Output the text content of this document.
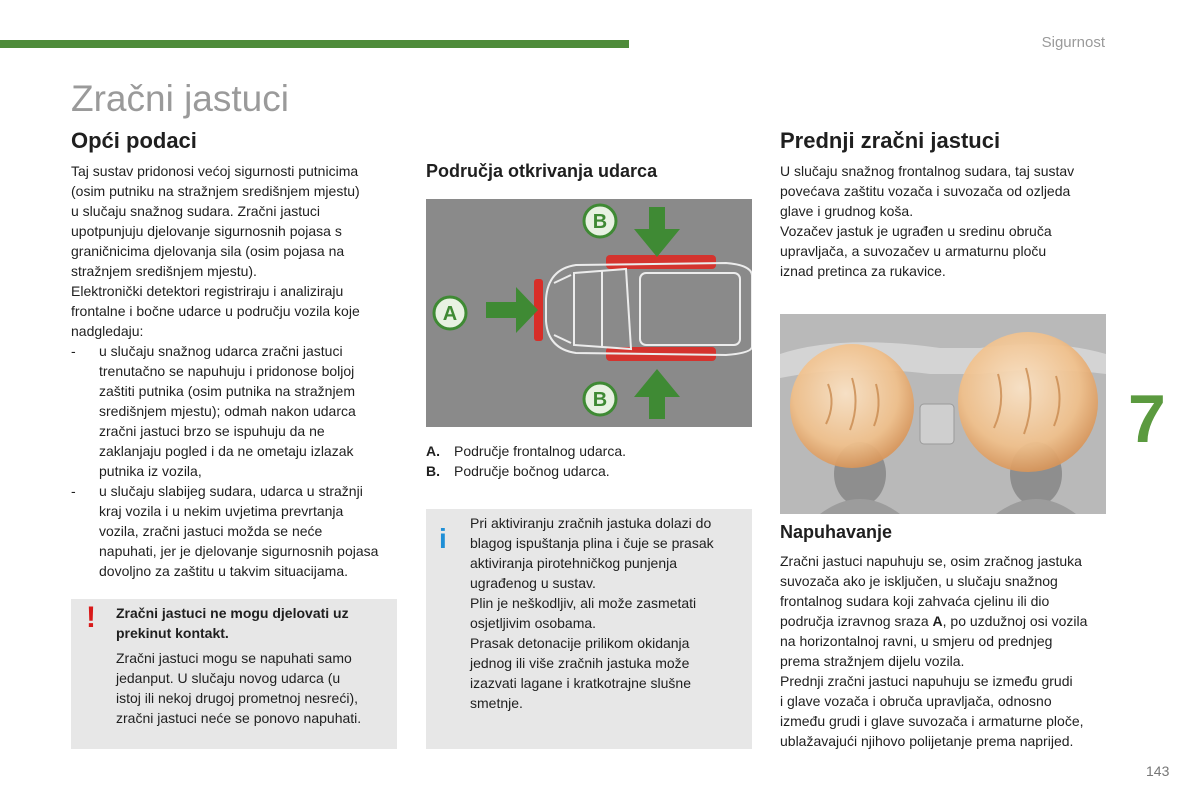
Sigurnost
Zračni jastuci
Opći podaci

Taj sustav pridonosi većoj sigurnosti putnicima

(osim putniku na stražnjem središnjem mjestu)

u slučaju snažnog sudara. Zračni jastuci

upotpunjuju djelovanje sigurnosnih pojasa s

graničnicima djelovanja sila (osim pojasa na

stražnjem središnjem mjestu).

Elektronički detektori registriraju i analiziraju

frontalne i bočne udarce u području vozila koje

nadgledaju:

-	u slučaju snažnog udarca zračni jastuci

trenutačno se napuhuju i pridonose boljoj

zaštiti putnika (osim putnika na stražnjem

središnjem mjestu); odmah nakon udarca

zračni jastuci brzo se ispuhuju da ne

zaklanjaju pogled i da ne ometaju izlazak

putnika iz vozila,

-	u slučaju slabijeg sudara, udarca u stražnji

kraj vozila i u nekim uvjetima prevrtanja

vozila, zračni jastuci možda se neće

napuhati, jer je djelovanje sigurnosnih pojasa

dovoljno za zaštitu u takvim situacijama.

! Zračni jastuci ne mogu djelovati uz

prekinut kontakt.

Zračni jastuci mogu se napuhati samo

jedanput. U slučaju novog udarca (u

istoj ili nekoj drugoj prometnoj nesreći),

zračni jastuci neće se ponovo napuhati.

Područja otkrivanja udarca
A
B
B
A. Područje frontalnog udarca.
B. Područje bočnog udarca.
i Pri aktiviranju zračnih jastuka dolazi do

blagog ispuštanja plina i čuje se prasak

aktiviranja pirotehničkog punjenja

ugrađenog u sustav.

Plin je neškodljiv, ali može zasmetati

osjetljivim osobama.

Prasak detonacije prilikom okidanja

jednog ili više zračnih jastuka može

izazvati lagane i kratkotrajne slušne

smetnje.

Prednji zračni jastuci

U slučaju snažnog frontalnog sudara, taj sustav

povećava zaštitu vozača i suvozača od ozljeda

glave i grudnog koša.

Vozačev jastuk je ugrađen u sredinu obruča

upravljača, a suvozačev u armaturnu ploču

iznad pretinca za rukavice.

Napuhavanje

Zračni jastuci napuhuju se, osim zračnog jastuka

suvozača ako je isključen, u slučaju snažnog

frontalnog sudara koji zahvaća cjelinu ili dio

područja izravnog sraza A, po uzdužnoj osi vozila

na horizontalnoj ravni, u smjeru od prednjeg

prema stražnjem dijelu vozila.

Prednji zračni jastuci napuhuju se između grudi

i glave vozača i obruča upravljača, odnosno

između grudi i glave suvozača i armaturne ploče,

ublažavajući njihovo polijetanje prema naprijed.

7
143
